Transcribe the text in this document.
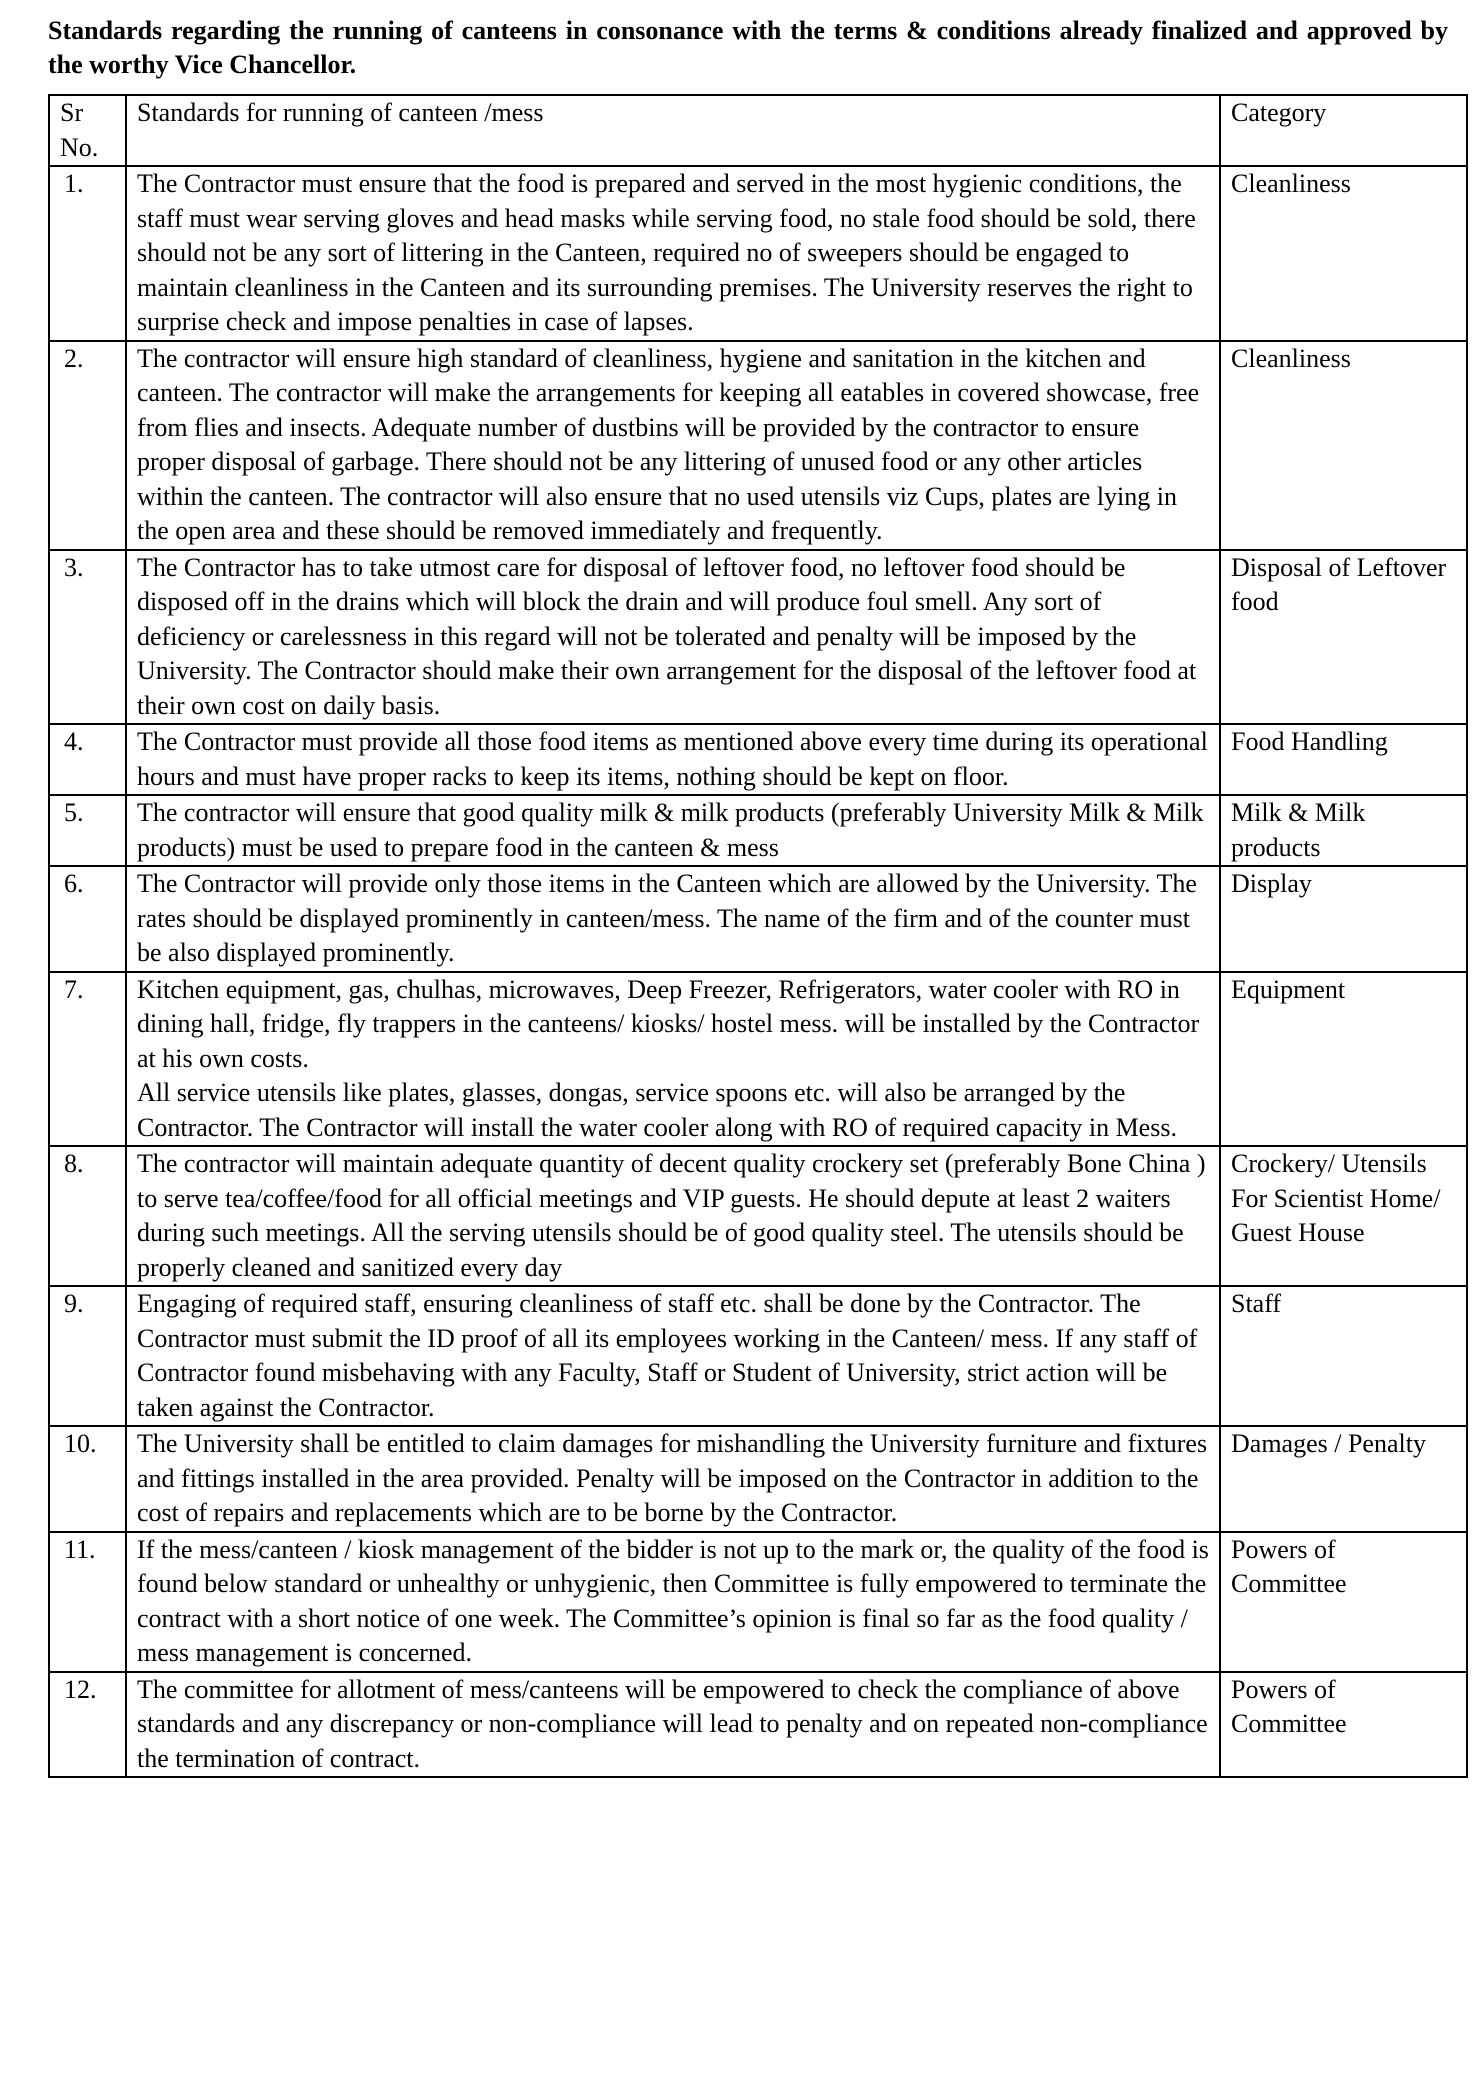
Standards regarding the running of canteens in consonance with the terms & conditions already finalized and approved by the worthy Vice Chancellor.

Sr No.	Standards for running of canteen /mess	Category
1.	The Contractor must ensure that the food is prepared and served in the most hygienic conditions, the staff must wear serving gloves and head masks while serving food, no stale food should be sold, there should not be any sort of littering in the Canteen, required no of sweepers should be engaged to maintain cleanliness in the Canteen and its surrounding premises. The University reserves the right to surprise check and impose penalties in case of lapses.	Cleanliness
2.	The contractor will ensure high standard of cleanliness, hygiene and sanitation in the kitchen and canteen. The contractor will make the arrangements for keeping all eatables in covered showcase, free from flies and insects. Adequate number of dustbins will be provided by the contractor to ensure proper disposal of garbage. There should not be any littering of unused food or any other articles within the canteen. The contractor will also ensure that no used utensils viz Cups, plates are lying in the open area and these should be removed immediately and frequently.	Cleanliness
3.	The Contractor has to take utmost care for disposal of leftover food, no leftover food should be disposed off in the drains which will block the drain and will produce foul smell. Any sort of deficiency or carelessness in this regard will not be tolerated and penalty will be imposed by the University. The Contractor should make their own arrangement for the disposal of the leftover food at their own cost on daily basis.	Disposal of Leftover food
4.	The Contractor must provide all those food items as mentioned above every time during its operational hours and must have proper racks to keep its items, nothing should be kept on floor.	Food Handling
5.	The contractor will ensure that good quality milk & milk products (preferably University Milk & Milk products) must be used to prepare food in the canteen & mess	Milk & Milk products
6.	The Contractor will provide only those items in the Canteen which are allowed by the University. The rates should be displayed prominently in canteen/mess. The name of the firm and of the counter must be also displayed prominently.	Display
7.	Kitchen equipment, gas, chulhas, microwaves, Deep Freezer, Refrigerators, water cooler with RO in dining hall, fridge, fly trappers in the canteens/ kiosks/ hostel mess. will be installed by the Contractor at his own costs.
All service utensils like plates, glasses, dongas, service spoons etc. will also be arranged by the Contractor. The Contractor will install the water cooler along with RO of required capacity in Mess.	Equipment
8.	The contractor will maintain adequate quantity of decent quality crockery set (preferably Bone China ) to serve tea/coffee/food for all official meetings and VIP guests. He should depute at least 2 waiters during such meetings. All the serving utensils should be of good quality steel. The utensils should be properly cleaned and sanitized every day	Crockery/ Utensils For Scientist Home/ Guest House
9.	Engaging of required staff, ensuring cleanliness of staff etc. shall be done by the Contractor. The Contractor must submit the ID proof of all its employees working in the Canteen/ mess. If any staff of Contractor found misbehaving with any Faculty, Staff or Student of University, strict action will be taken against the Contractor.	Staff
10.	The University shall be entitled to claim damages for mishandling the University furniture and fixtures and fittings installed in the area provided. Penalty will be imposed on the Contractor in addition to the cost of repairs and replacements which are to be borne by the Contractor.	Damages / Penalty
11.	If the mess/canteen / kiosk management of the bidder is not up to the mark or, the quality of the food is found below standard or unhealthy or unhygienic, then Committee is fully empowered to terminate the contract with a short notice of one week. The Committee’s opinion is final so far as the food quality / mess management is concerned.	Powers of Committee
12.	The committee for allotment of mess/canteens will be empowered to check the compliance of above standards and any discrepancy or non-compliance will lead to penalty and on repeated non-compliance the termination of contract.	Powers of Committee
